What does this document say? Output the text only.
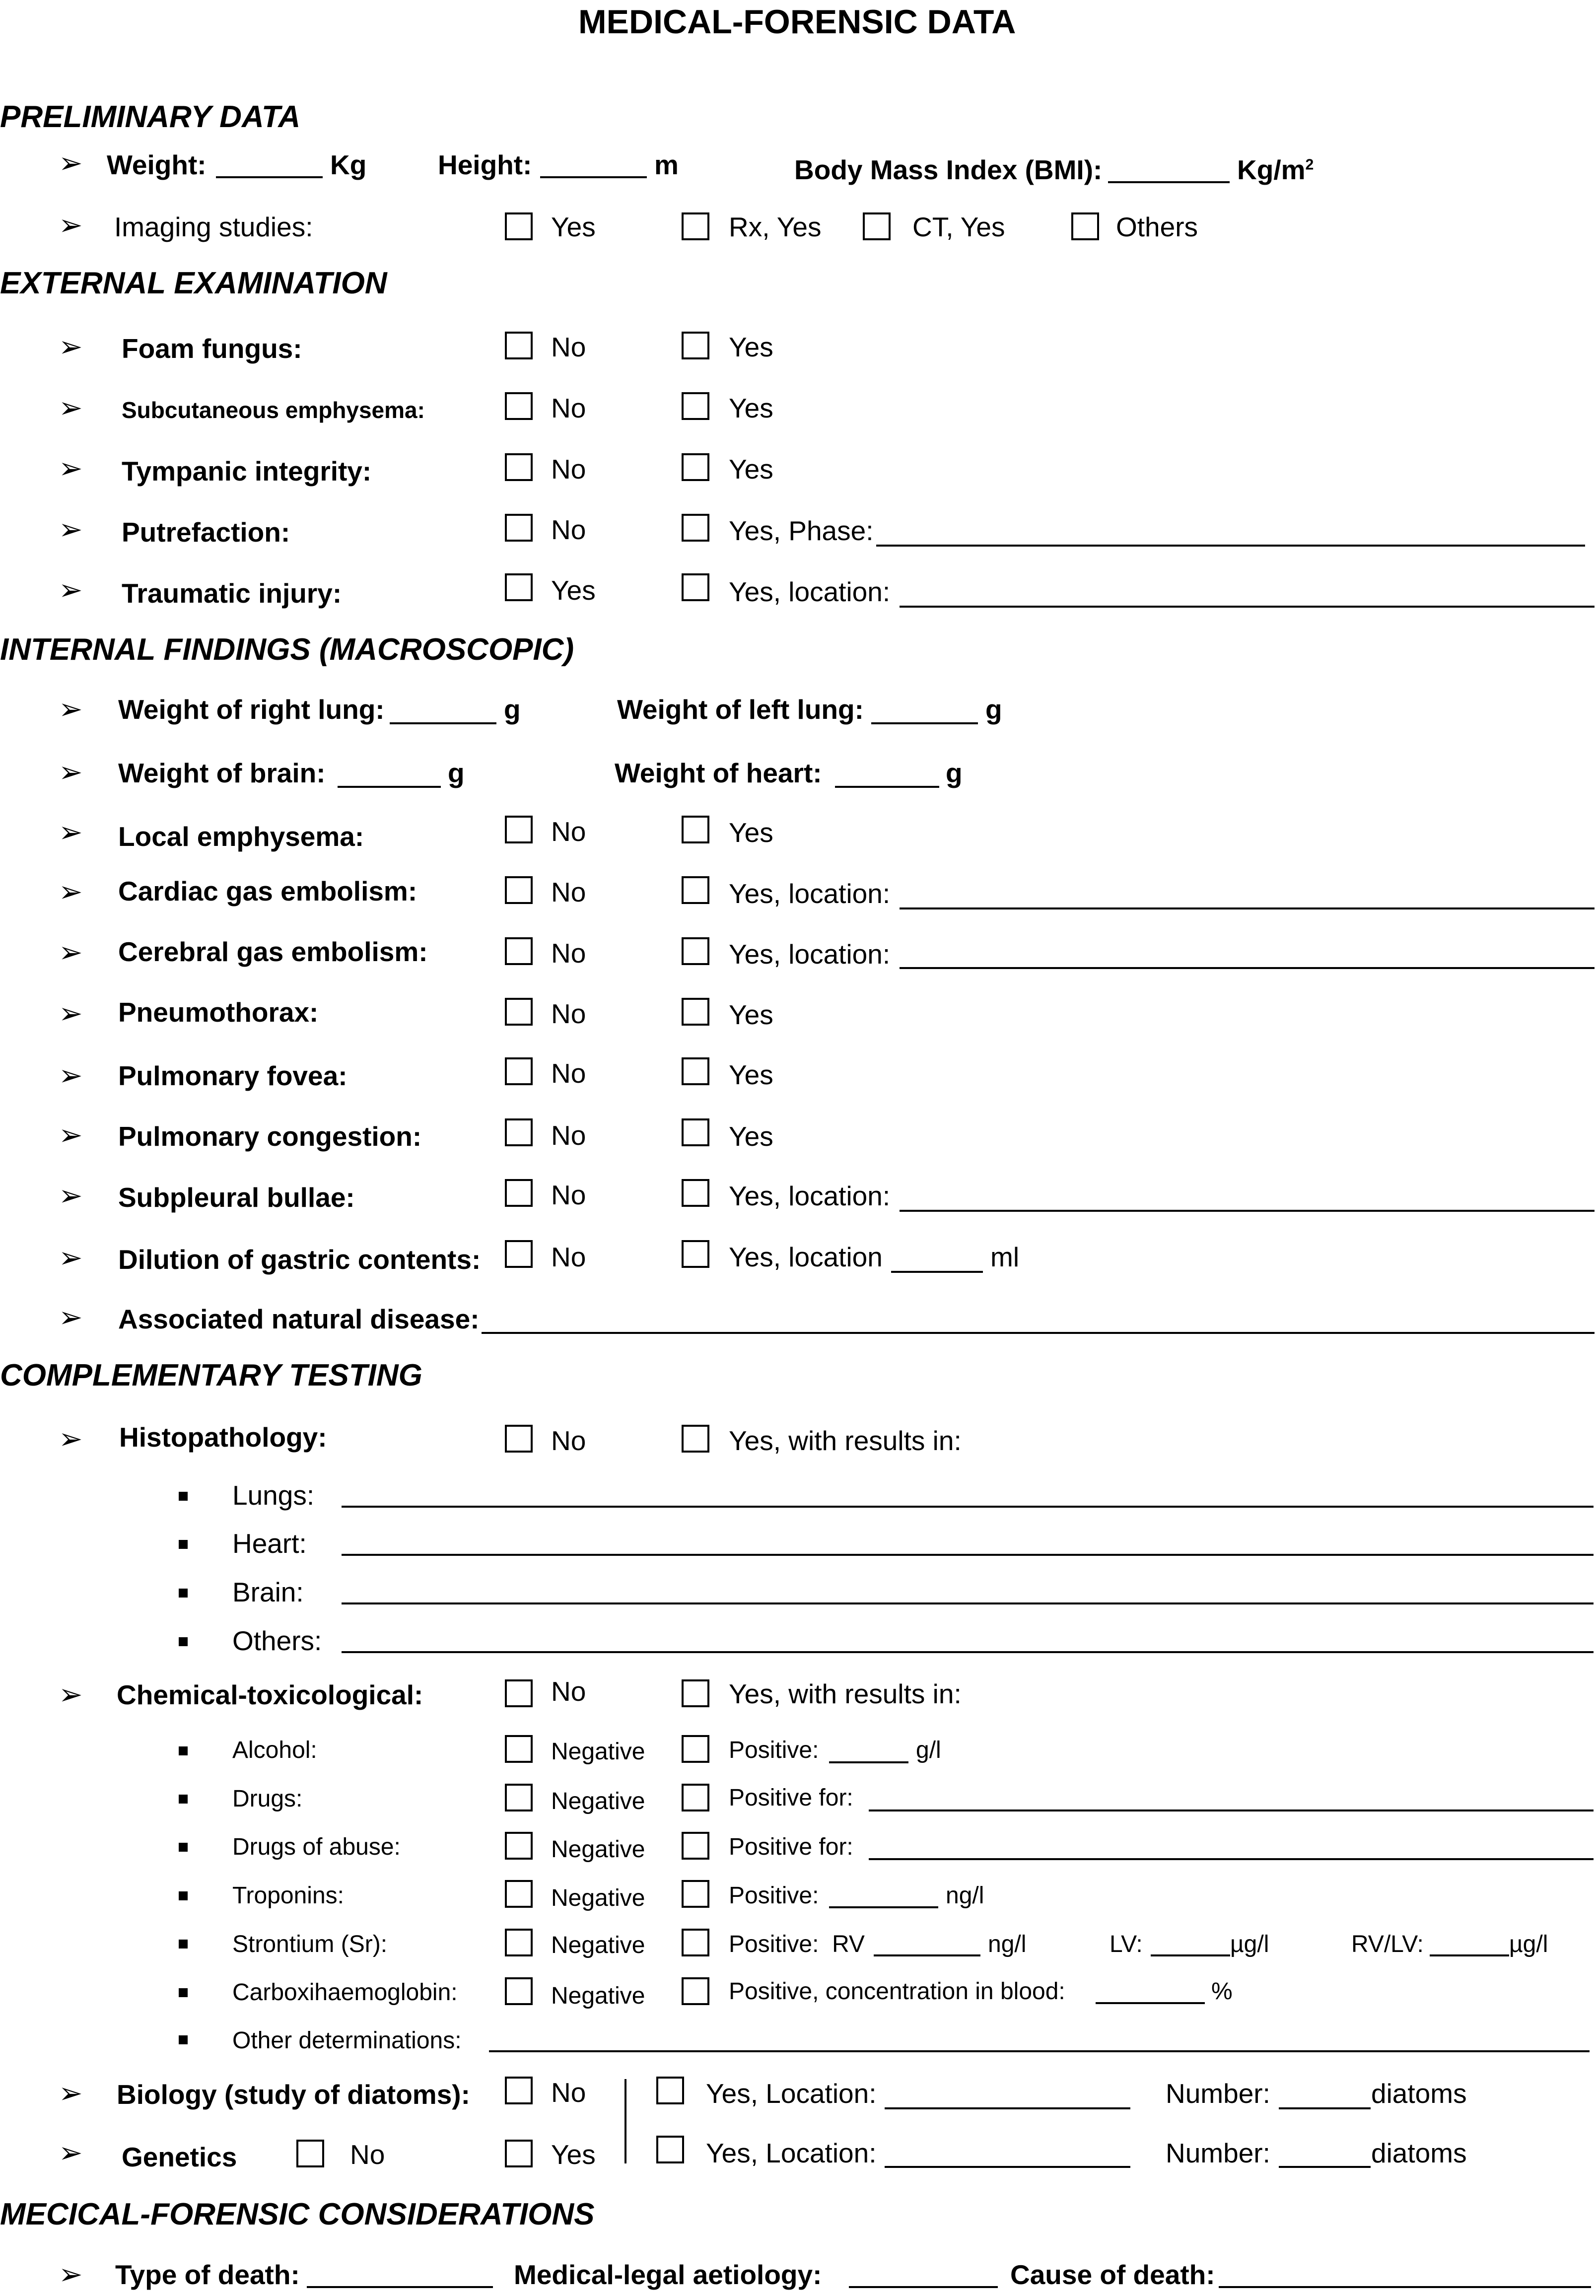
MEDICAL-FORENSIC DATA
PRELIMINARY DATA
➢ Weight:	Kg	Height:	m	Body Mass Index (BMI):	$Kg/m^2$
➢ Imaging studies:	Yes	Rx, Yes	CT, Yes	Others
EXTERNAL EXAMINATION
➢ Foam fungus:	No	Yes
➢ Subcutaneous emphysema:	No	Yes
➢ Tympanic integrity:	No	Yes
➢ Putrefaction:	No	Yes, Phase:
➢ Traumatic injury:	Yes	Yes, location:
INTERNAL FINDINGS (MACROSCOPIC)
➢ Weight of right lung:	g	Weight of left lung:	g
➢ Weight of brain:	g	Weight of heart:	g
➢ Local emphysema:	No	Yes
➢ Cardiac gas embolism:	No	Yes, location:
➢ Cerebral gas embolism:	No	Yes, location:
➢ Pneumothorax:	No	Yes
➢ Pulmonary fovea:	No	Yes
➢ Pulmonary congestion:	No	Yes
➢ Subpleural bullae:	No	Yes, location:
➢ Dilution of gastric contents:	No	Yes, location	ml
➢ Associated natural disease:
COMPLEMENTARY TESTING
➢ Histopathology:	No	Yes, with results in:
Lungs:
Heart:
Brain:
Others:
➢ Chemical-toxicological:	No	Yes, with results in:
Alcohol:	Negative	Positive:	g/l
Drugs:	Negative	Positive for:
Drugs of abuse:	Negative	Positive for:
Troponins:	Negative	Positive:	ng/l
Strontium (Sr):	Negative	Positive:  RV	ng/l	LV:	µg/l	RV/LV:	µg/l
Carboxihaemoglobin:	Negative	Positive, concentration in blood:	%
Other determinations:
➢ Biology (study of diatoms):	No	Yes, Location:	Number:	diatoms
➢ Genetics	No	Yes	Yes, Location:	Number:	diatoms
MECICAL-FORENSIC CONSIDERATIONS
➢ Type of death:	Medical-legal aetiology:	Cause of death:
